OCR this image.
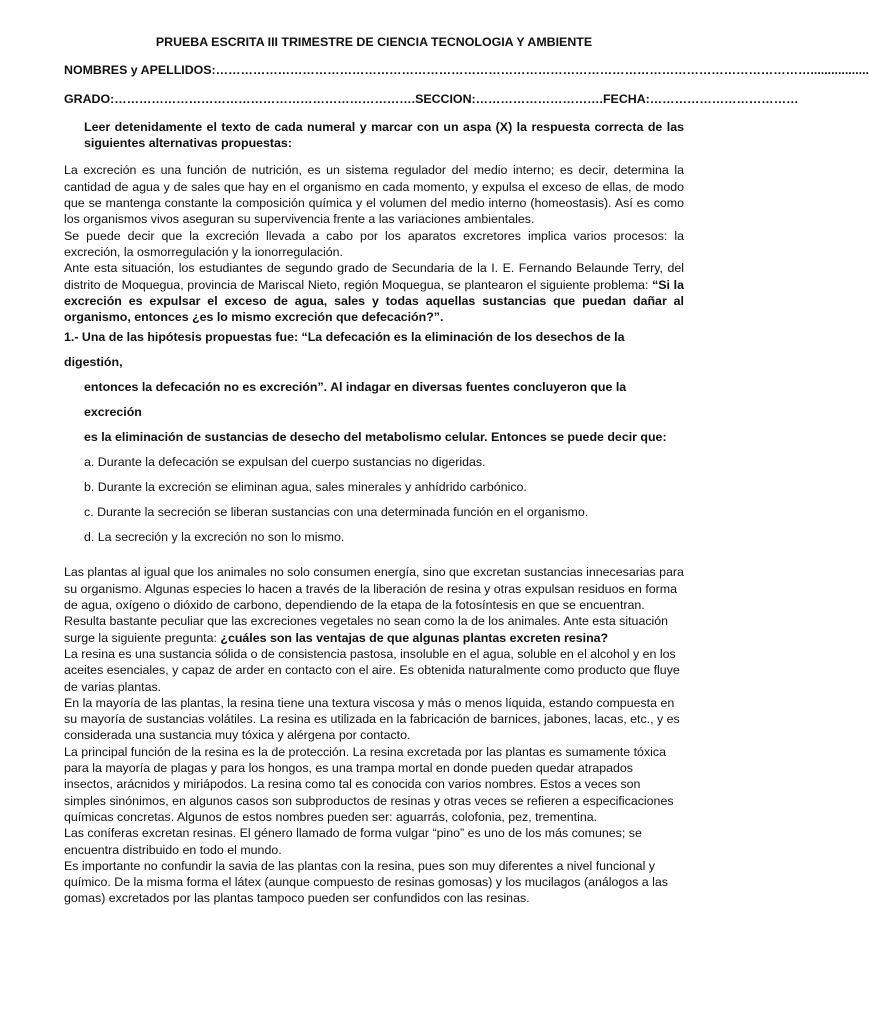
PRUEBA ESCRITA III TRIMESTRE DE CIENCIA TECNOLOGIA Y AMBIENTE
NOMBRES y APELLIDOS:……………………………………………………………………………………………………………………………….................
GRADO:……………………………………………………………….SECCION:………………………….FECHA:………………………………
Leer detenidamente el texto de cada numeral y marcar con un aspa (X) la respuesta correcta de las siguientes alternativas propuestas:

La excreción es una función de nutrición, es un sistema regulador del medio interno; es decir, determina la cantidad de agua y de sales que hay en el organismo en cada momento, y expulsa el exceso de ellas, de modo que se mantenga constante la composición química y el volumen del medio interno (homeostasis). Así es como los organismos vivos aseguran su supervivencia frente a las variaciones ambientales.

Se puede decir que la excreción llevada a cabo por los aparatos excretores implica varios procesos: la excreción, la osmorregulación y la ionorregulación.

Ante esta situación, los estudiantes de segundo grado de Secundaria de la I. E. Fernando Belaunde Terry, del distrito de Moquegua, provincia de Mariscal Nieto, región Moquegua, se plantearon el siguiente problema: “Si la excreción es expulsar el exceso de agua, sales y todas aquellas sustancias que puedan dañar al organismo, entonces ¿es lo mismo excreción que defecación?”.

1.- Una de las hipótesis propuestas fue: “La defecación es la eliminación de los desechos de la digestión,
entonces la defecación no es excreción”. Al indagar en diversas fuentes concluyeron que la excreción
es la eliminación de sustancias de desecho del metabolismo celular. Entonces se puede decir que:
a. Durante la defecación se expulsan del cuerpo sustancias no digeridas.
b. Durante la excreción se eliminan agua, sales minerales y anhídrido carbónico.
c. Durante la secreción se liberan sustancias con una determinada función en el organismo.
d. La secreción y la excreción no son lo mismo.

Las plantas al igual que los animales no solo consumen energía, sino que excretan sustancias innecesarias para su organismo. Algunas especies lo hacen a través de la liberación de resina y otras expulsan residuos en forma de agua, oxígeno o dióxido de carbono, dependiendo de la etapa de la fotosíntesis en que se encuentran. Resulta bastante peculiar que las excreciones vegetales no sean como la de los animales. Ante esta situación surge la siguiente pregunta: ¿cuáles son las ventajas de que algunas plantas excreten resina?

La resina es una sustancia sólida o de consistencia pastosa, insoluble en el agua, soluble en el alcohol y en los aceites esenciales, y capaz de arder en contacto con el aire. Es obtenida naturalmente como producto que fluye de varias plantas.

En la mayoría de las plantas, la resina tiene una textura viscosa y más o menos líquida, estando compuesta en su mayoría de sustancias volátiles. La resina es utilizada en la fabricación de barnices, jabones, lacas, etc., y es considerada una sustancia muy tóxica y alérgena por contacto.

La principal función de la resina es la de protección. La resina excretada por las plantas es sumamente tóxica para la mayoría de plagas y para los hongos, es una trampa mortal en donde pueden quedar atrapados insectos, arácnidos y miriápodos. La resina como tal es conocida con varios nombres. Estos a veces son simples sinónimos, en algunos casos son subproductos de resinas y otras veces se refieren a especificaciones químicas concretas. Algunos de estos nombres pueden ser: aguarrás, colofonia, pez, trementina.

Las coníferas excretan resinas. El género llamado de forma vulgar “pino” es uno de los más comunes; se encuentra distribuido en todo el mundo.

Es importante no confundir la savia de las plantas con la resina, pues son muy diferentes a nivel funcional y químico. De la misma forma el látex (aunque compuesto de resinas gomosas) y los mucilagos (análogos a las gomas) excretados por las plantas tampoco pueden ser confundidos con las resinas.
